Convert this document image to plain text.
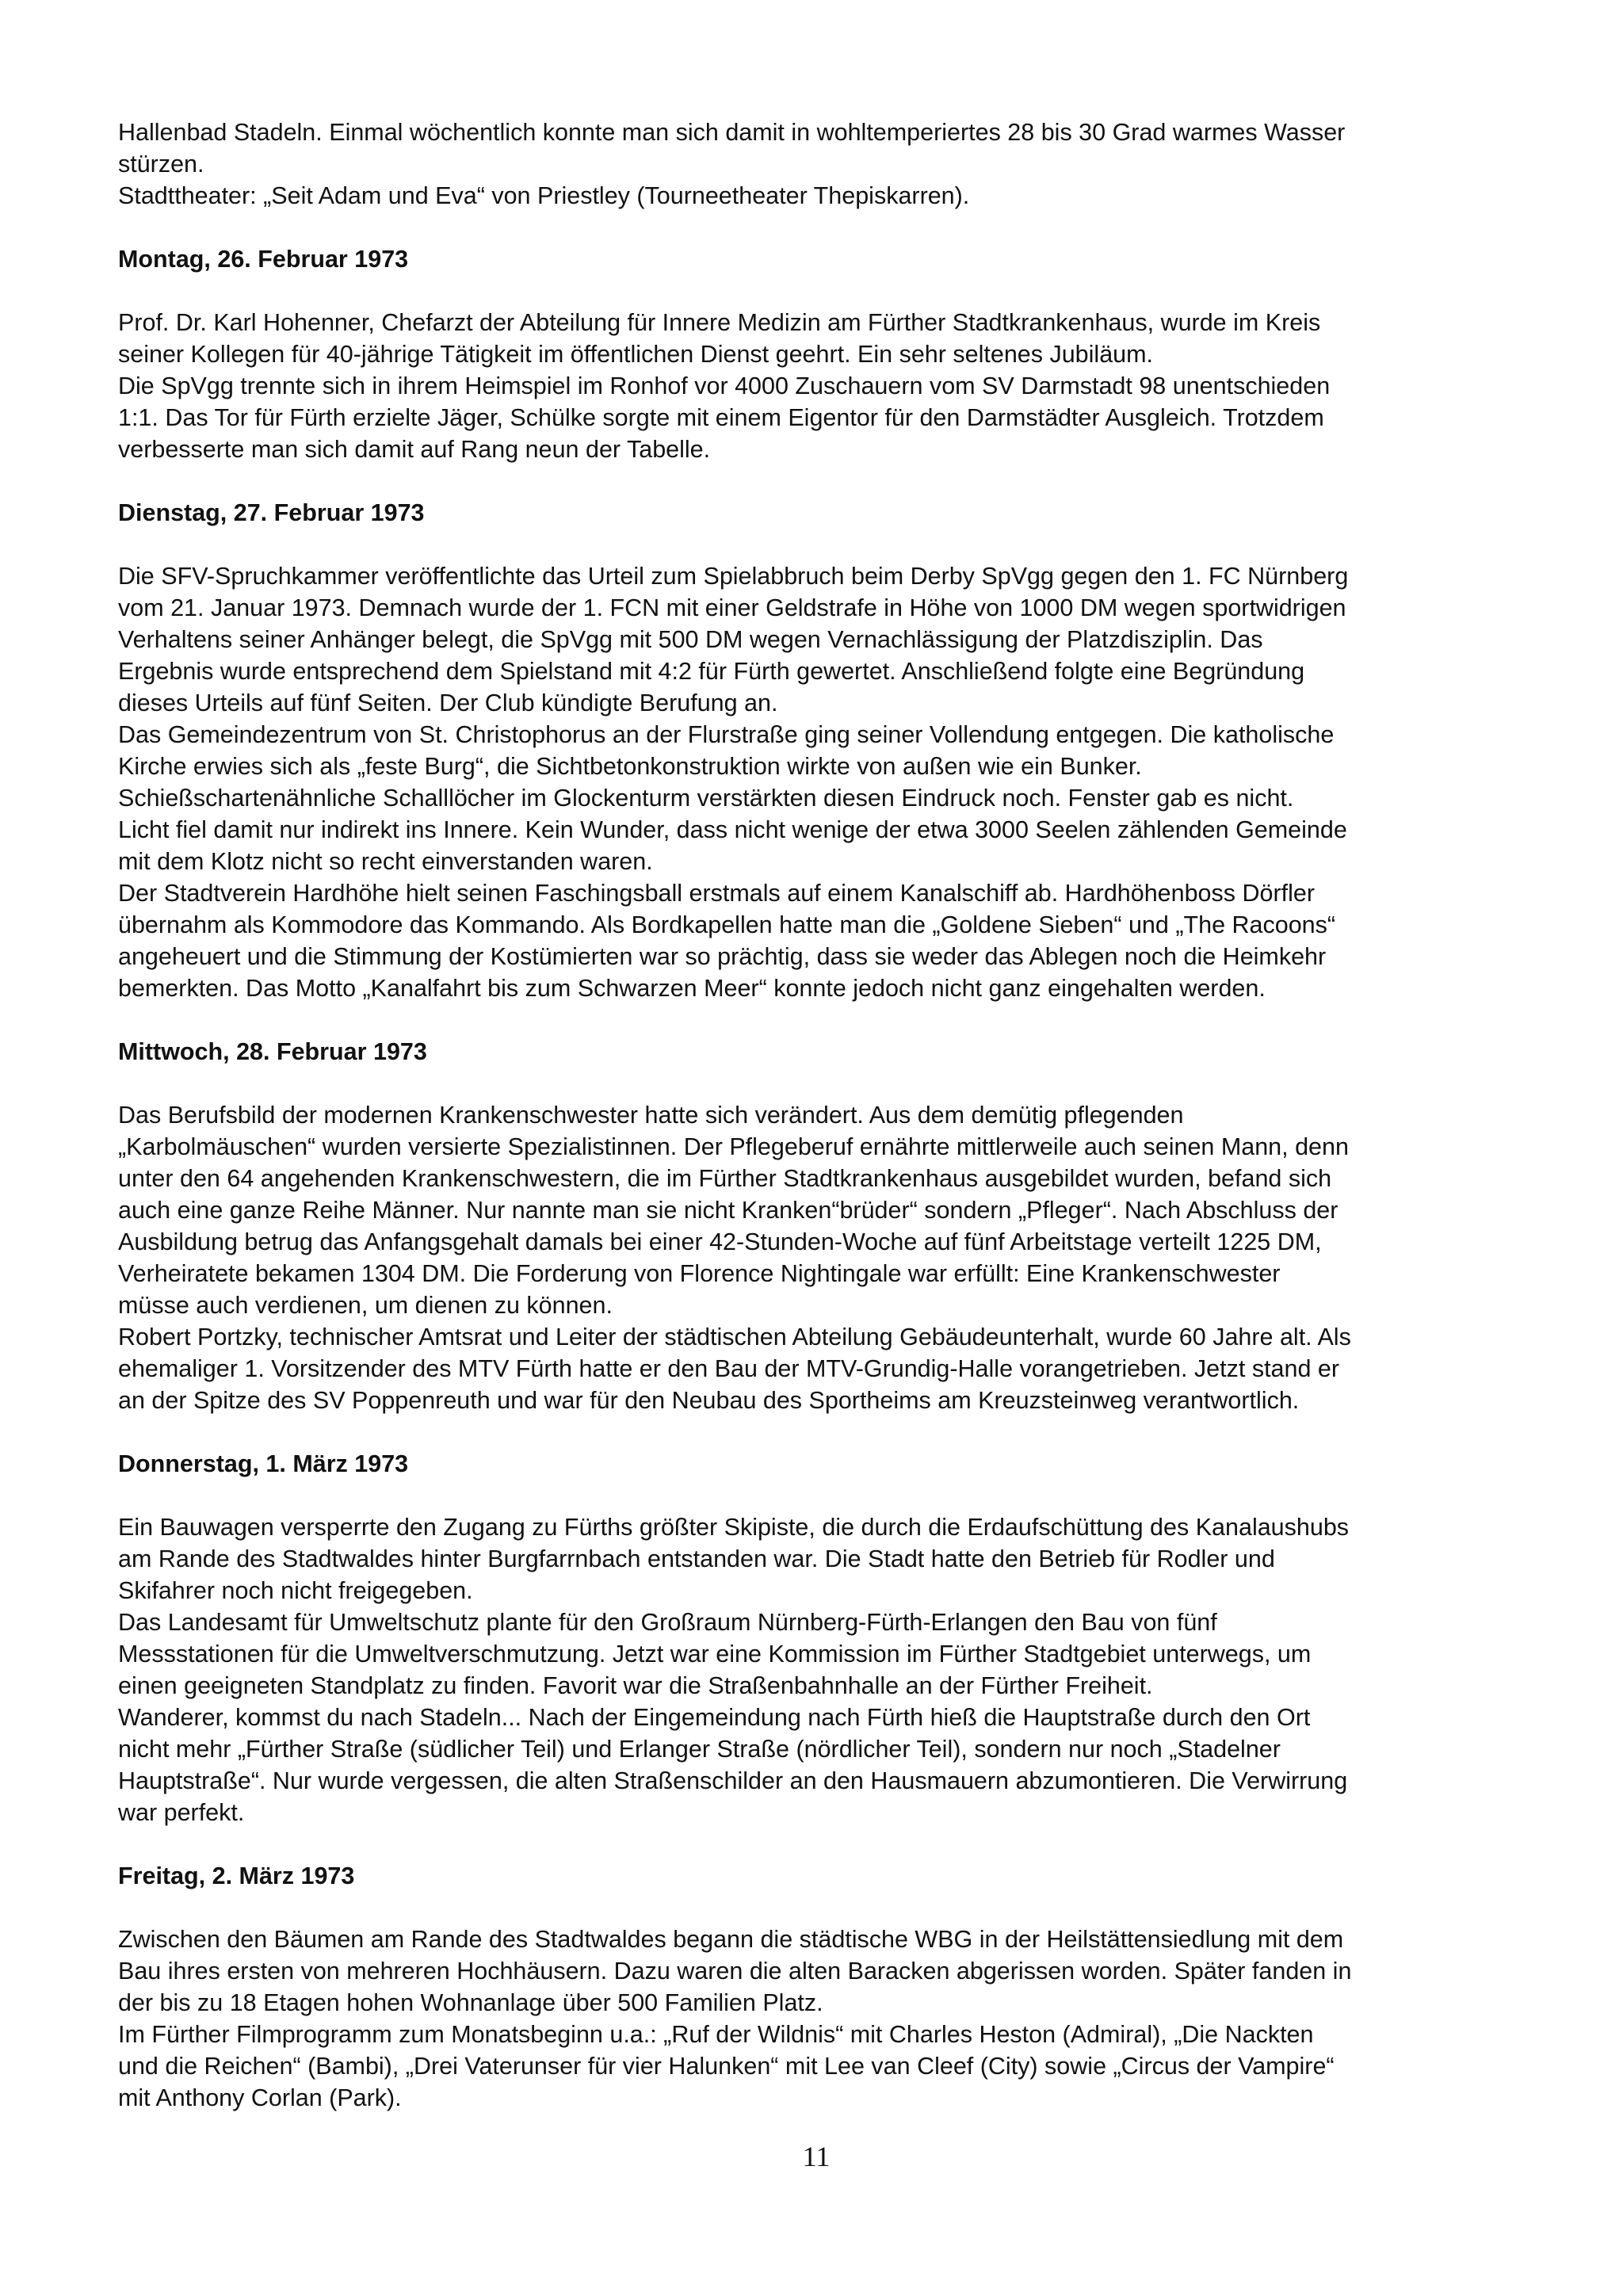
Hallenbad Stadeln. Einmal wöchentlich konnte man sich damit in wohltemperiertes 28 bis 30 Grad warmes Wasser
stürzen.
Stadttheater: „Seit Adam und Eva“ von Priestley (Tourneetheater Thepiskarren).
Montag, 26. Februar 1973
Prof. Dr. Karl Hohenner, Chefarzt der Abteilung für Innere Medizin am Fürther Stadtkrankenhaus, wurde im Kreis
seiner Kollegen für 40-jährige Tätigkeit im öffentlichen Dienst geehrt. Ein sehr seltenes Jubiläum.
Die SpVgg trennte sich in ihrem Heimspiel im Ronhof vor 4000 Zuschauern vom SV Darmstadt 98 unentschieden
1:1. Das Tor für Fürth erzielte Jäger, Schülke sorgte mit einem Eigentor für den Darmstädter Ausgleich. Trotzdem
verbesserte man sich damit auf Rang neun der Tabelle.
Dienstag, 27. Februar 1973
Die SFV-Spruchkammer veröffentlichte das Urteil zum Spielabbruch beim Derby SpVgg gegen den 1. FC Nürnberg
vom 21. Januar 1973. Demnach wurde der 1. FCN mit einer Geldstrafe in Höhe von 1000 DM wegen sportwidrigen
Verhaltens seiner Anhänger belegt, die SpVgg mit 500 DM wegen Vernachlässigung der Platzdisziplin. Das
Ergebnis wurde entsprechend dem Spielstand mit 4:2 für Fürth gewertet. Anschließend folgte eine Begründung
dieses Urteils auf fünf Seiten. Der Club kündigte Berufung an.
Das Gemeindezentrum von St. Christophorus an der Flurstraße ging seiner Vollendung entgegen. Die katholische
Kirche erwies sich als „feste Burg“, die Sichtbetonkonstruktion wirkte von außen wie ein Bunker.
Schießschartenähnliche Schalllöcher im Glockenturm verstärkten diesen Eindruck noch. Fenster gab es nicht.
Licht fiel damit nur indirekt ins Innere. Kein Wunder, dass nicht wenige der etwa 3000 Seelen zählenden Gemeinde
mit dem Klotz nicht so recht einverstanden waren.
Der Stadtverein Hardhöhe hielt seinen Faschingsball erstmals auf einem Kanalschiff ab. Hardhöhenboss Dörfler
übernahm als Kommodore das Kommando. Als Bordkapellen hatte man die „Goldene Sieben“ und „The Racoons“
angeheuert und die Stimmung der Kostümierten war so prächtig, dass sie weder das Ablegen noch die Heimkehr
bemerkten. Das Motto „Kanalfahrt bis zum Schwarzen Meer“ konnte jedoch nicht ganz eingehalten werden.
Mittwoch, 28. Februar 1973
Das Berufsbild der modernen Krankenschwester hatte sich verändert. Aus dem demütig pflegenden
„Karbolmäuschen“ wurden versierte Spezialistinnen. Der Pflegeberuf ernährte mittlerweile auch seinen Mann, denn
unter den 64 angehenden Krankenschwestern, die im Fürther Stadtkrankenhaus ausgebildet wurden, befand sich
auch eine ganze Reihe Männer. Nur nannte man sie nicht Kranken“brüder“ sondern „Pfleger“. Nach Abschluss der
Ausbildung betrug das Anfangsgehalt damals bei einer 42-Stunden-Woche auf fünf Arbeitstage verteilt 1225 DM,
Verheiratete bekamen 1304 DM. Die Forderung von Florence Nightingale war erfüllt: Eine Krankenschwester
müsse auch verdienen, um dienen zu können.
Robert Portzky, technischer Amtsrat und Leiter der städtischen Abteilung Gebäudeunterhalt, wurde 60 Jahre alt. Als
ehemaliger 1. Vorsitzender des MTV Fürth hatte er den Bau der MTV-Grundig-Halle vorangetrieben. Jetzt stand er
an der Spitze des SV Poppenreuth und war für den Neubau des Sportheims am Kreuzsteinweg verantwortlich.
Donnerstag, 1. März 1973
Ein Bauwagen versperrte den Zugang zu Fürths größter Skipiste, die durch die Erdaufschüttung des Kanalaushubs
am Rande des Stadtwaldes hinter Burgfarrnbach entstanden war. Die Stadt hatte den Betrieb für Rodler und
Skifahrer noch nicht freigegeben.
Das Landesamt für Umweltschutz plante für den Großraum Nürnberg-Fürth-Erlangen den Bau von fünf
Messstationen für die Umweltverschmutzung. Jetzt war eine Kommission im Fürther Stadtgebiet unterwegs, um
einen geeigneten Standplatz zu finden. Favorit war die Straßenbahnhalle an der Fürther Freiheit.
Wanderer, kommst du nach Stadeln... Nach der Eingemeindung nach Fürth hieß die Hauptstraße durch den Ort
nicht mehr „Fürther Straße (südlicher Teil) und Erlanger Straße (nördlicher Teil), sondern nur noch „Stadelner
Hauptstraße“. Nur wurde vergessen, die alten Straßenschilder an den Hausmauern abzumontieren. Die Verwirrung
war perfekt.
Freitag, 2. März 1973
Zwischen den Bäumen am Rande des Stadtwaldes begann die städtische WBG in der Heilstättensiedlung mit dem
Bau ihres ersten von mehreren Hochhäusern. Dazu waren die alten Baracken abgerissen worden. Später fanden in
der bis zu 18 Etagen hohen Wohnanlage über 500 Familien Platz.
Im Fürther Filmprogramm zum Monatsbeginn u.a.: „Ruf der Wildnis“ mit Charles Heston (Admiral), „Die Nackten
und die Reichen“ (Bambi), „Drei Vaterunser für vier Halunken“ mit Lee van Cleef (City) sowie „Circus der Vampire“
mit Anthony Corlan (Park).
11
